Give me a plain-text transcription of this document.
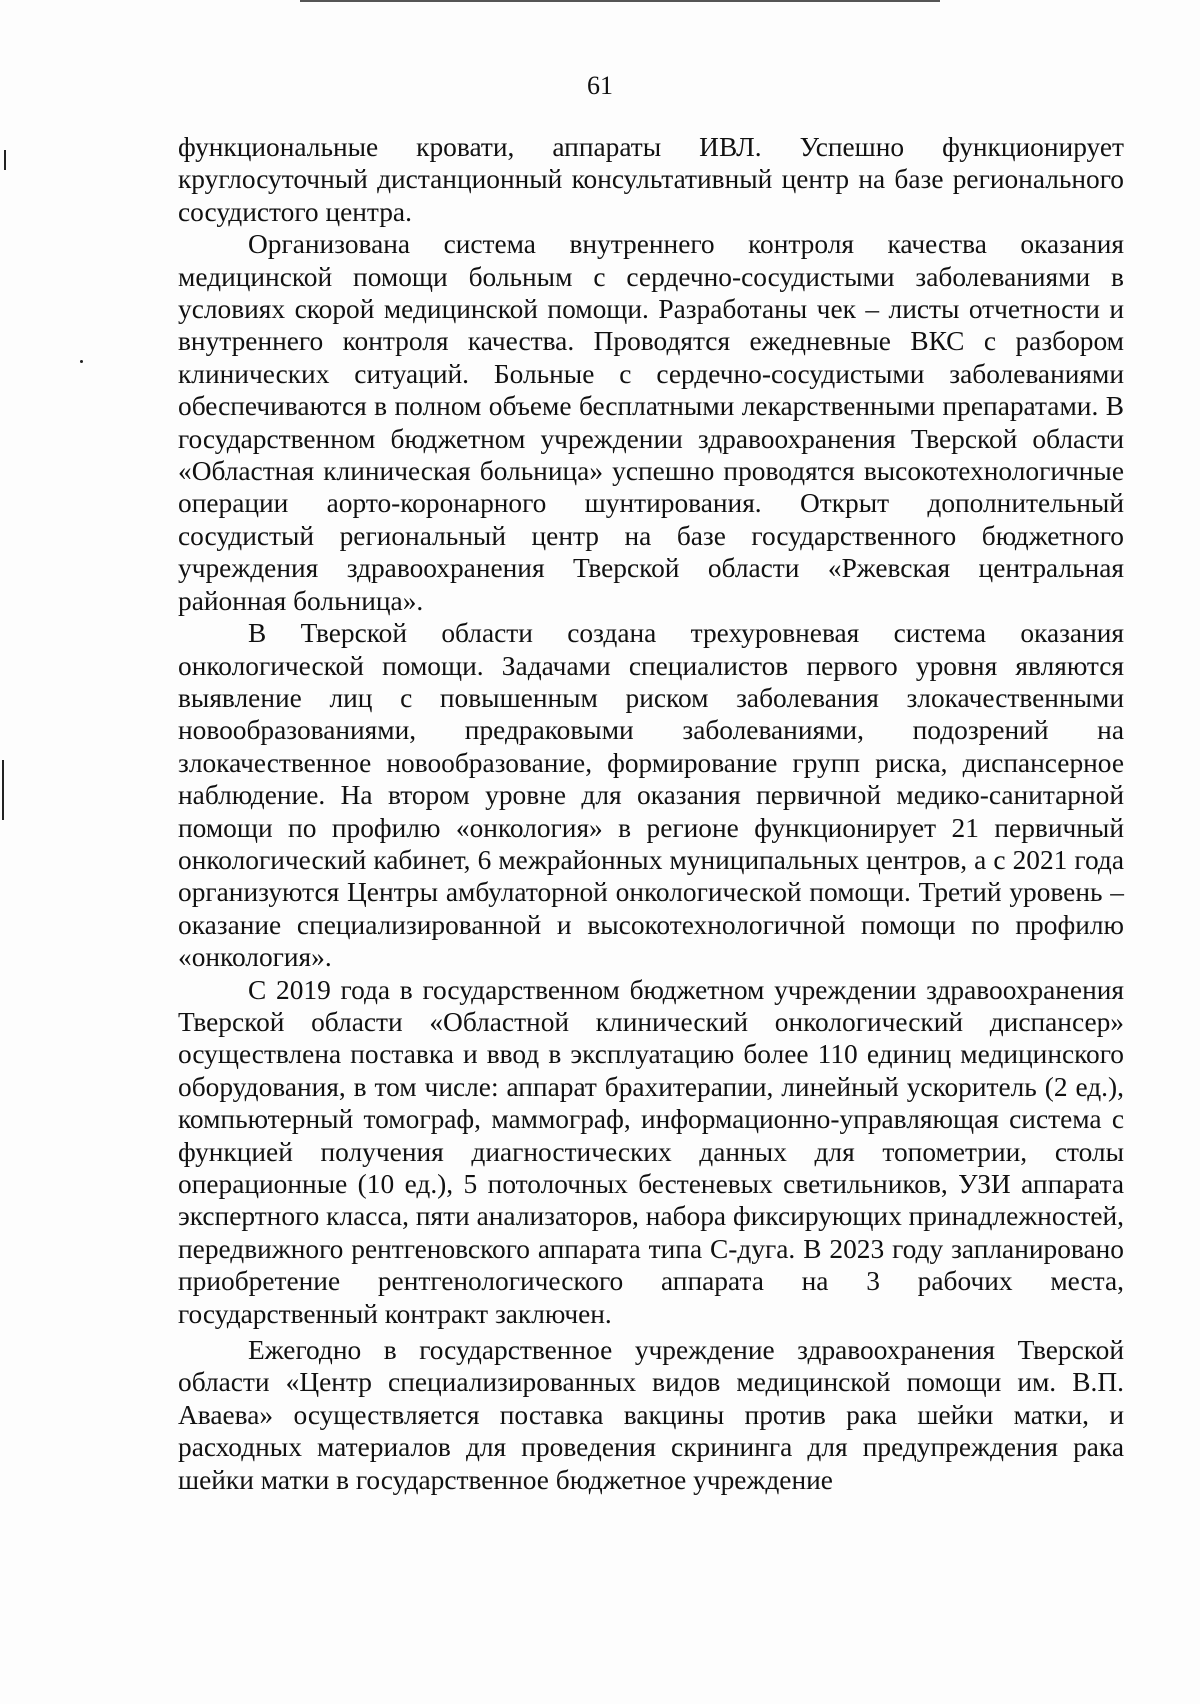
61

функциональные кровати, аппараты ИВЛ. Успешно функционирует круглосуточный дистанционный консультативный центр на базе регионального сосудистого центра.

Организована система внутреннего контроля качества оказания медицинской помощи больным с сердечно-сосудистыми заболеваниями в условиях скорой медицинской помощи. Разработаны чек – листы отчетности и внутреннего контроля качества. Проводятся ежедневные ВКС с разбором клинических ситуаций. Больные с сердечно-сосудистыми заболеваниями обеспечиваются в полном объеме бесплатными лекарственными препаратами. В государственном бюджетном учреждении здравоохранения Тверской области «Областная клиническая больница» успешно проводятся высокотехнологичные операции аорто-коронарного шунтирования. Открыт дополнительный сосудистый региональный центр на базе государственного бюджетного учреждения здравоохранения Тверской области «Ржевская центральная районная больница».

В Тверской области создана трехуровневая система оказания онкологической помощи. Задачами специалистов первого уровня являются выявление лиц с повышенным риском заболевания злокачественными новообразованиями, предраковыми заболеваниями, подозрений на злокачественное новообразование, формирование групп риска, диспансерное наблюдение. На втором уровне для оказания первичной медико-санитарной помощи по профилю «онкология» в регионе функционирует 21 первичный онкологический кабинет, 6 межрайонных муниципальных центров, а с 2021 года организуются Центры амбулаторной онкологической помощи. Третий уровень – оказание специализированной и высокотехнологичной помощи по профилю «онкология».

С 2019 года в государственном бюджетном учреждении здравоохранения Тверской области «Областной клинический онкологический диспансер» осуществлена поставка и ввод в эксплуатацию более 110 единиц медицинского оборудования, в том числе: аппарат брахитерапии, линейный ускоритель (2 ед.), компьютерный томограф, маммограф, информационно-управляющая система с функцией получения диагностических данных для топометрии, столы операционные (10 ед.), 5 потолочных бестеневых светильников, УЗИ аппарата экспертного класса, пяти анализаторов, набора фиксирующих принадлежностей, передвижного рентгеновского аппарата типа С-дуга. В 2023 году запланировано приобретение рентгенологического аппарата на 3 рабочих места, государственный контракт заключен.

Ежегодно в государственное учреждение здравоохранения Тверской области «Центр специализированных видов медицинской помощи им. В.П. Аваева» осуществляется поставка вакцины против рака шейки матки, и расходных материалов для проведения скрининга для предупреждения рака шейки матки в государственное бюджетное учреждение
